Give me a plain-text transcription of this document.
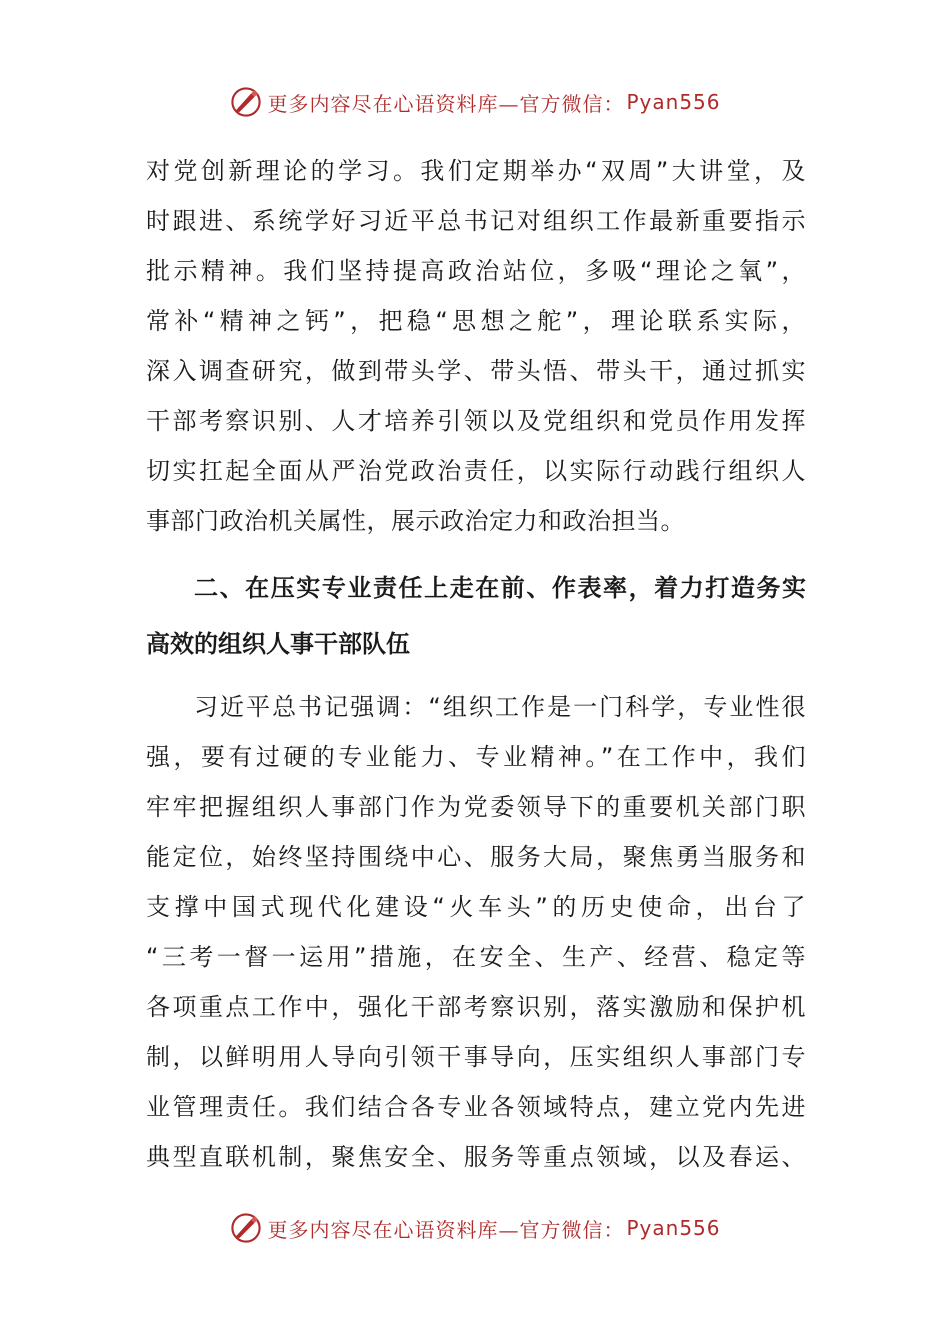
更多内容尽在心语资料库—官方微信： Pyan556
对党创新理论的学习。我们定期举办“双周”大讲堂，及
时跟进、系统学好习近平总书记对组织工作最新重要指示
批示精神。我们坚持提高政治站位，多吸“理论之氧”，
常补“精神之钙”，把稳“思想之舵”，理论联系实际，
深入调查研究，做到带头学、带头悟、带头干，通过抓实
干部考察识别、人才培养引领以及党组织和党员作用发挥
切实扛起全面从严治党政治责任，以实际行动践行组织人
事部门政治机关属性，展示政治定力和政治担当。
二、在压实专业责任上走在前、作表率，着力打造务实
高效的组织人事干部队伍
习近平总书记强调：“组织工作是一门科学，专业性很
强，要有过硬的专业能力、专业精神。”在工作中，我们
牢牢把握组织人事部门作为党委领导下的重要机关部门职
能定位，始终坚持围绕中心、服务大局，聚焦勇当服务和
支撑中国式现代化建设“火车头”的历史使命，出台了
“三考一督一运用”措施，在安全、生产、经营、稳定等
各项重点工作中，强化干部考察识别，落实激励和保护机
制，以鲜明用人导向引领干事导向，压实组织人事部门专
业管理责任。我们结合各专业各领域特点，建立党内先进
典型直联机制，聚焦安全、服务等重点领域，以及春运、
更多内容尽在心语资料库—官方微信： Pyan556
